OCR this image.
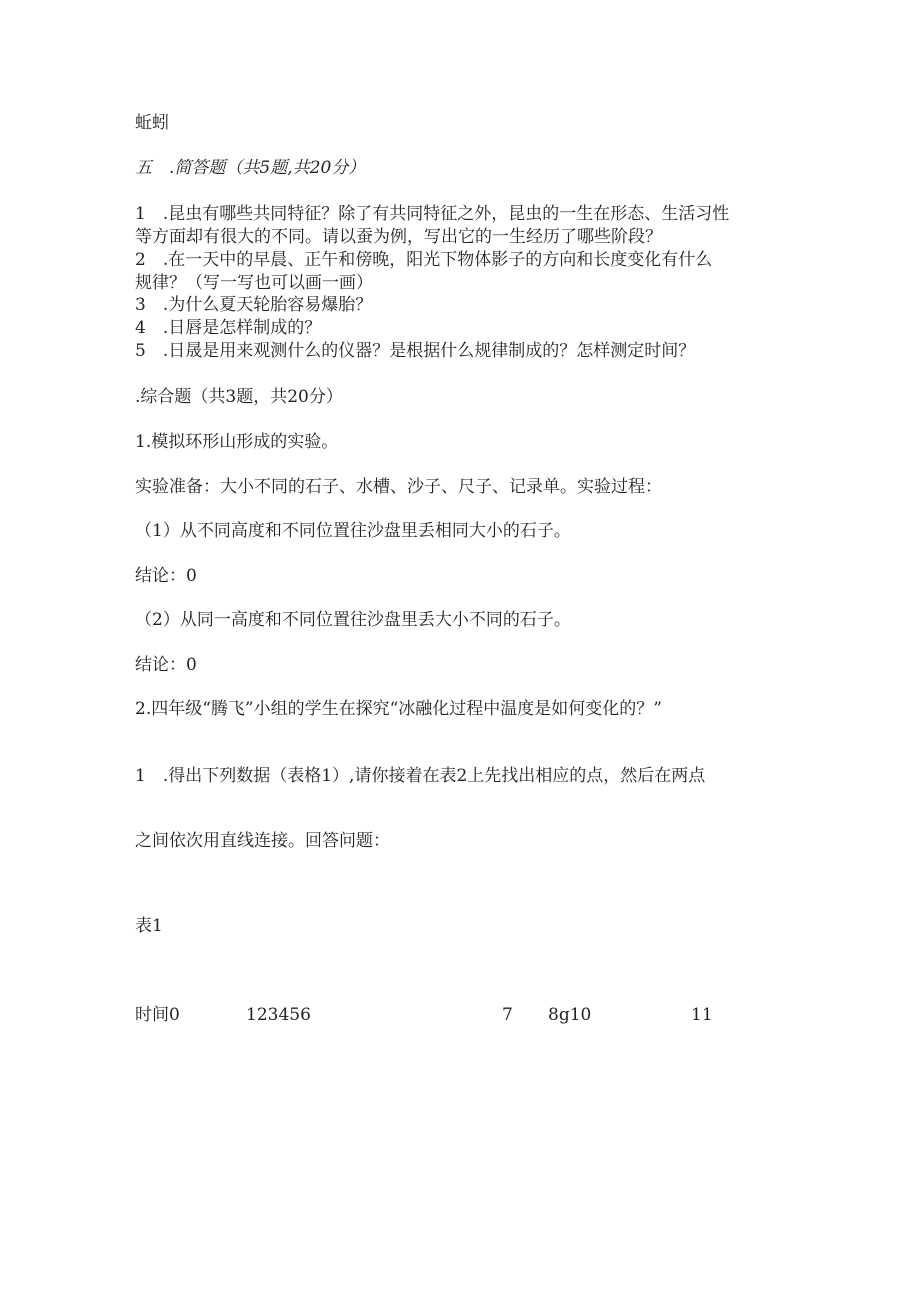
蚯蚓
五　.简答题（共5题,共20分）
1　.昆虫有哪些共同特征？除了有共同特征之外，昆虫的一生在形态、生活习性
等方面却有很大的不同。请以蚕为例，写出它的一生经历了哪些阶段？
2　.在一天中的早晨、正午和傍晚，阳光下物体影子的方向和长度变化有什么
规律？（写一写也可以画一画）
3　.为什么夏天轮胎容易爆胎？
4　.日唇是怎样制成的？
5　.日晟是用来观测什么的仪器？是根据什么规律制成的？怎样测定时间？
.综合题（共3题，共20分）
1.模拟环形山形成的实验。
实验准备：大小不同的石子、水槽、沙子、尺子、记录单。实验过程：
（1）从不同高度和不同位置往沙盘里丢相同大小的石子。
结论：0
（2）从同一高度和不同位置往沙盘里丢大小不同的石子。
结论：0
2.四年级“腾飞”小组的学生在探究“冰融化过程中温度是如何变化的？”
1　.得出下列数据（表格1）,请你接着在表2上先找出相应的点，然后在两点
之间依次用直线连接。回答问题：
表1
时间0	123456	7 8g10	11
